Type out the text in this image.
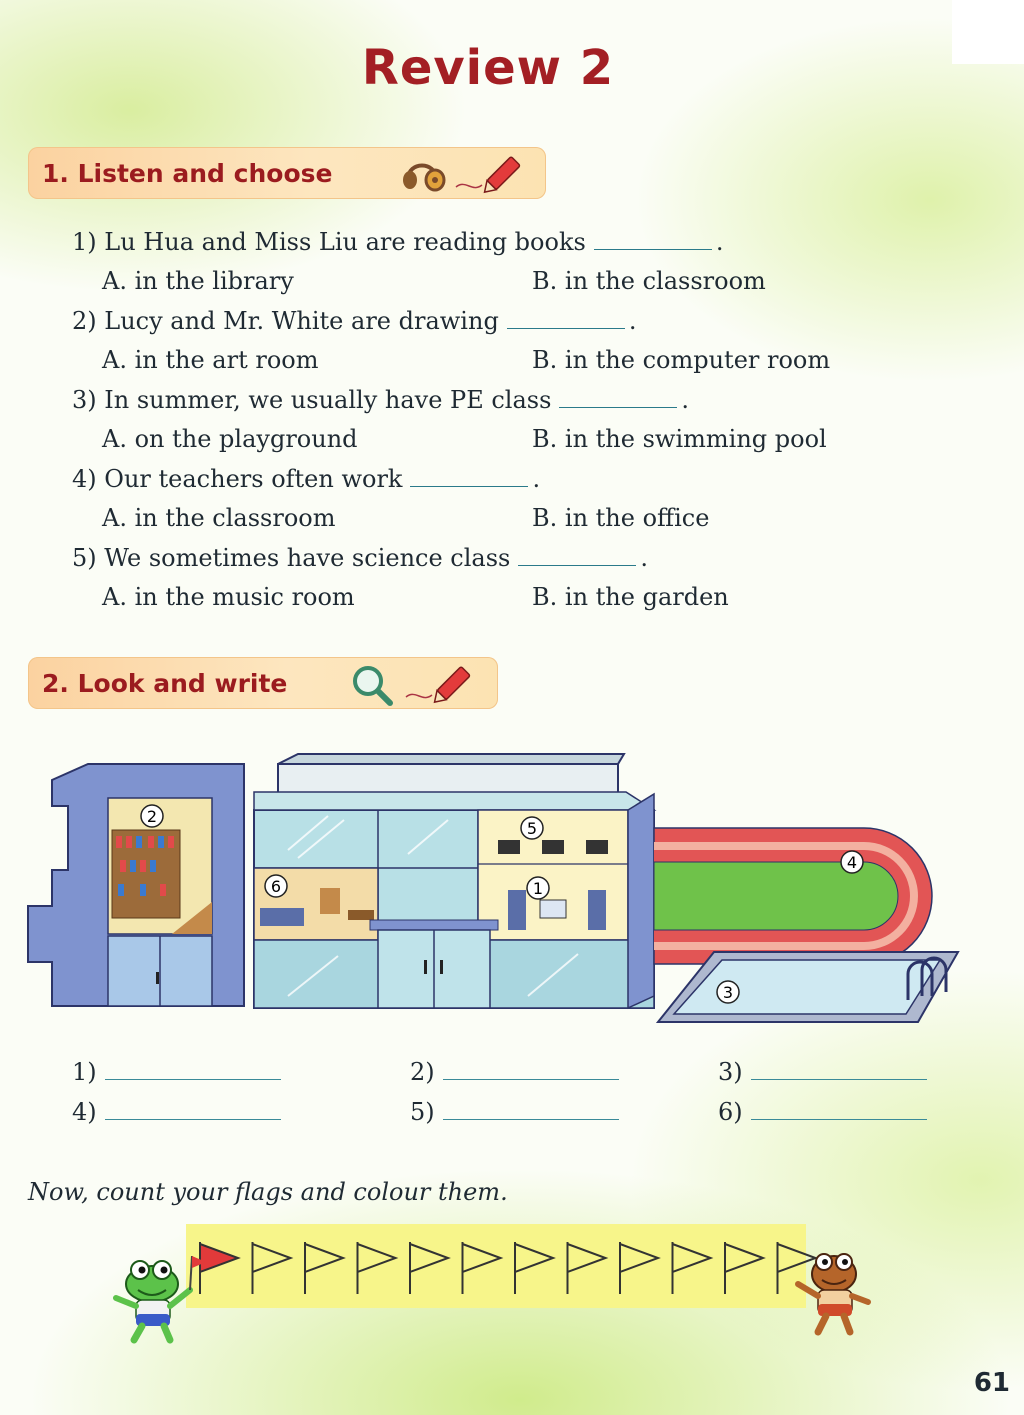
Review 2
1. Listen and choose
1) Lu Hua and Miss Liu are reading books	.
A. in the library	B. in the classroom
2) Lucy and Mr. White are drawing	.
A. in the art room	B. in the computer room
3) In summer, we usually have PE class	.
A. on the playground	B. in the swimming pool
4) Our teachers often work	.
A. in the classroom	B. in the office
5) We sometimes have science class	.
A. in the music room	B. in the garden
2. Look and write
1
2
3
4
5
6
1)	2)	3)
4)	5)	6)
Now, count your flags and colour them.
61
